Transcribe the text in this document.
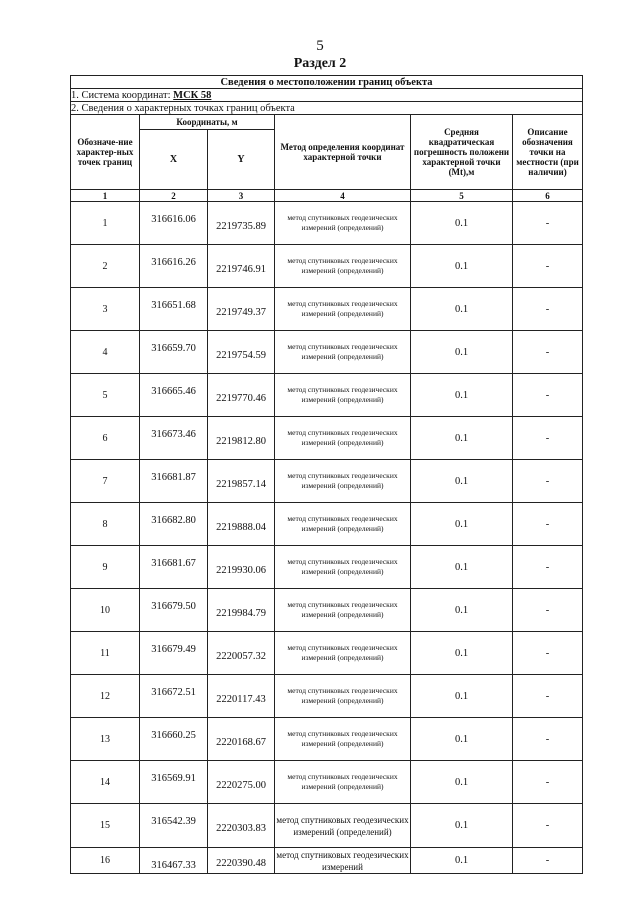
5
Раздел 2
Сведения о местоположении границ объекта					
1. Система координат: МСК 58					
2. Сведения о характерных точках границ объекта					
Обозначе-ние характер-ных точек границ	Координаты, м		Метод определения координат характерной точки	Средняя квадратическая погрешность положени характерной точки (Mt),м	Описание обозначения точки на местности (при наличии)
	X	Y			
1	2	3	4	5	6
1	316616.06	2219735.89	метод спутниковых геодезических измерений (определений)	0.1	-
2	316616.26	2219746.91	метод спутниковых геодезических измерений (определений)	0.1	-
3	316651.68	2219749.37	метод спутниковых геодезических измерений (определений)	0.1	-
4	316659.70	2219754.59	метод спутниковых геодезических измерений (определений)	0.1	-
5	316665.46	2219770.46	метод спутниковых геодезических измерений (определений)	0.1	-
6	316673.46	2219812.80	метод спутниковых геодезических измерений (определений)	0.1	-
7	316681.87	2219857.14	метод спутниковых геодезических измерений (определений)	0.1	-
8	316682.80	2219888.04	метод спутниковых геодезических измерений (определений)	0.1	-
9	316681.67	2219930.06	метод спутниковых геодезических измерений (определений)	0.1	-
10	316679.50	2219984.79	метод спутниковых геодезических измерений (определений)	0.1	-
11	316679.49	2220057.32	метод спутниковых геодезических измерений (определений)	0.1	-
12	316672.51	2220117.43	метод спутниковых геодезических измерений (определений)	0.1	-
13	316660.25	2220168.67	метод спутниковых геодезических измерений (определений)	0.1	-
14	316569.91	2220275.00	метод спутниковых геодезических измерений (определений)	0.1	-
15	316542.39	2220303.83	метод спутниковых геодезических измерений (определений)	0.1	-
16	316467.33	2220390.48	метод спутниковых геодезических измерений	0.1	-
